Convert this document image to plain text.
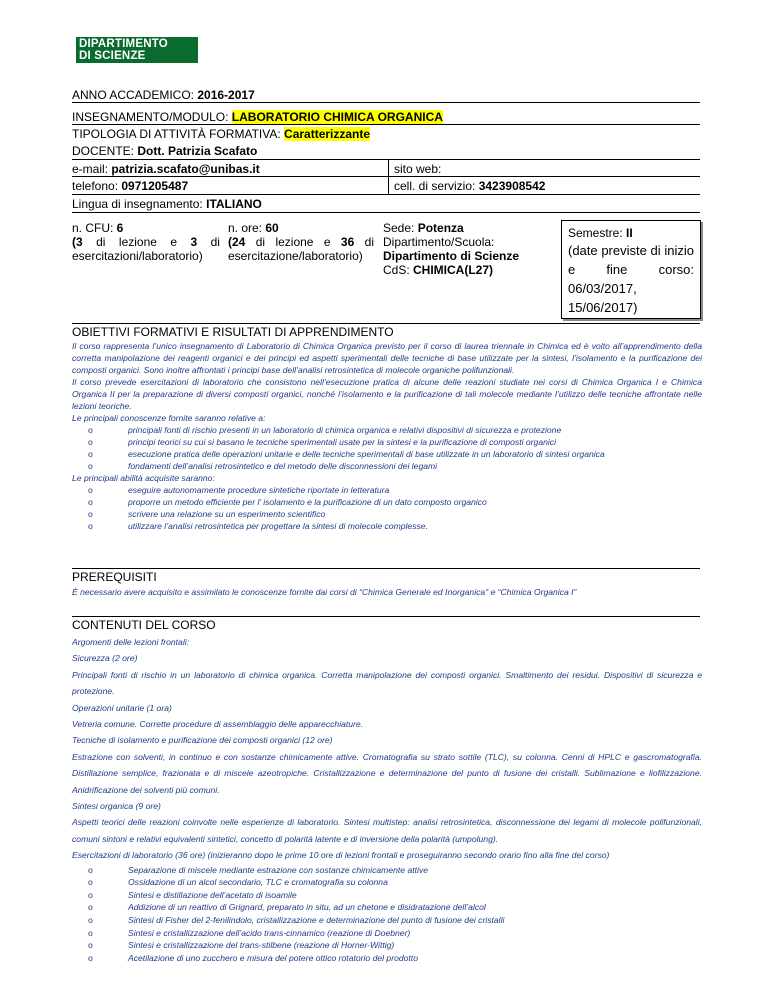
DIPARTIMENTO
DI SCIENZE
ANNO ACCADEMICO: 2016-2017
INSEGNAMENTO/MODULO: LABORATORIO CHIMICA ORGANICA
TIPOLOGIA DI ATTIVITÀ FORMATIVA: Caratterizzante
DOCENTE: Dott. Patrizia Scafato
e-mail: patrizia.scafato@unibas.it	sito web:
telefono: 0971205487	cell. di servizio: 3423908542
Lingua di insegnamento: ITALIANO
n. CFU: 6
(3 di lezione e 3 di esercitazioni/laboratorio)
n. ore: 60
(24 di lezione e 36 di esercitazione/laboratorio)
Sede: Potenza
Dipartimento/Scuola:
Dipartimento di Scienze
CdS: CHIMICA(L27)
Semestre: II
(date previste di inizio e fine corso: 06/03/2017, 15/06/2017)
OBIETTIVI FORMATIVI E RISULTATI DI APPRENDIMENTO

Il corso rappresenta l’unico insegnamento di Laboratorio di Chimica Organica previsto per il corso di laurea triennale in Chimica ed è volto all’apprendimento della corretta manipolazione dei reagenti organici e dei principi ed aspetti sperimentali delle tecniche di base utilizzate per la sintesi, l’isolamento e la purificazione dei composti organici. Sono inoltre affrontati i principi base dell’analisi retrosintetica di molecole organiche polifunzionali.

Il corso prevede esercitazioni di laboratorio che consistono nell’esecuzione pratica di alcune delle reazioni studiate nei corsi di Chimica Organica I e Chimica Organica II per la preparazione di diversi composti organici, nonché l’isolamento e la purificazione di tali molecole mediante l’utilizzo delle tecniche affrontate nelle lezioni teoriche.

Le principali conoscenze fornite saranno relative a:

o	principali fonti di rischio presenti in un laboratorio di chimica organica e relativi dispositivi di sicurezza e protezione
o	principi teorici su cui si basano le tecniche sperimentali usate per la sintesi e la purificazione di composti organici
o	esecuzione pratica delle operazioni unitarie e delle tecniche sperimentali di base utilizzate in un laboratorio di sintesi organica
o	fondamenti dell’analisi retrosintetico e del metodo delle disconnessioni dei legami

Le principali abilità acquisite saranno:

o	eseguire autonomamente procedure sintetiche riportate in letteratura
o	proporre un metodo efficiente per l’ isolamento e la purificazione di un dato composto organico
o	scrivere una relazione su un esperimento scientifico
o	utilizzare l’analisi retrosintetica per progettare la sintesi di molecole complesse.
PREREQUISITI

È necessario avere acquisito e assimilato le conoscenze fornite dai corsi di “Chimica Generale ed Inorganica” e “Chimica Organica I”

CONTENUTI DEL CORSO

Argomenti delle lezioni frontali:

Sicurezza (2 ore)

Principali fonti di rischio in un laboratorio di chimica organica. Corretta manipolazione dei composti organici. Smaltimento dei residui. Dispositivi di sicurezza e protezione.

Operazioni unitarie (1 ora)

Vetreria comune. Corrette procedure di assemblaggio delle apparecchiature.

Tecniche di isolamento e purificazione dei composti organici (12 ore)

Estrazione con solventi, in continuo e con sostanze chimicamente attive. Cromatografia su strato sottile (TLC), su colonna. Cenni di HPLC e gascromatografia. Distillazione semplice, frazionata e di miscele azeotropiche. Cristallizzazione e determinazione del punto di fusione dei cristalli. Sublimazione e liofilizzazione. Anidrificazione dei solventi più comuni.

Sintesi organica (9 ore)

Aspetti teorici delle reazioni coinvolte nelle esperienze di laboratorio. Sintesi multistep: analisi retrosintetica, disconnessione dei legami di molecole polifunzionali, comuni sintoni e relativi equivalenti sintetici, concetto di polarità latente e di inversione della polarità (umpolung).

Esercitazioni di laboratorio (36 ore) (inizieranno dopo le prime 10 ore di lezioni frontali e proseguiranno secondo orario fino alla fine del corso)

o	Separazione di miscele mediante estrazione con sostanze chimicamente attive
o	Ossidazione di un alcol secondario, TLC e cromatografia su colonna
o	Sintesi e distillazione dell’acetato di isoamile
o	Addizione di un reattivo di Grignard, preparato in situ, ad un chetone e disidratazione dell’alcol
o	Sintesi di Fisher del 2-fenilindolo, cristallizzazione e determinazione del punto di fusione dei cristalli
o	Sintesi e cristallizzazione dell’acido trans-cinnamico (reazione di Doebner)
o	Sintesi e cristallizzazione del trans-stilbene (reazione di Horner-Wittig)
o	Acetilazione di uno zucchero e misura del potere ottico rotatorio del prodotto
